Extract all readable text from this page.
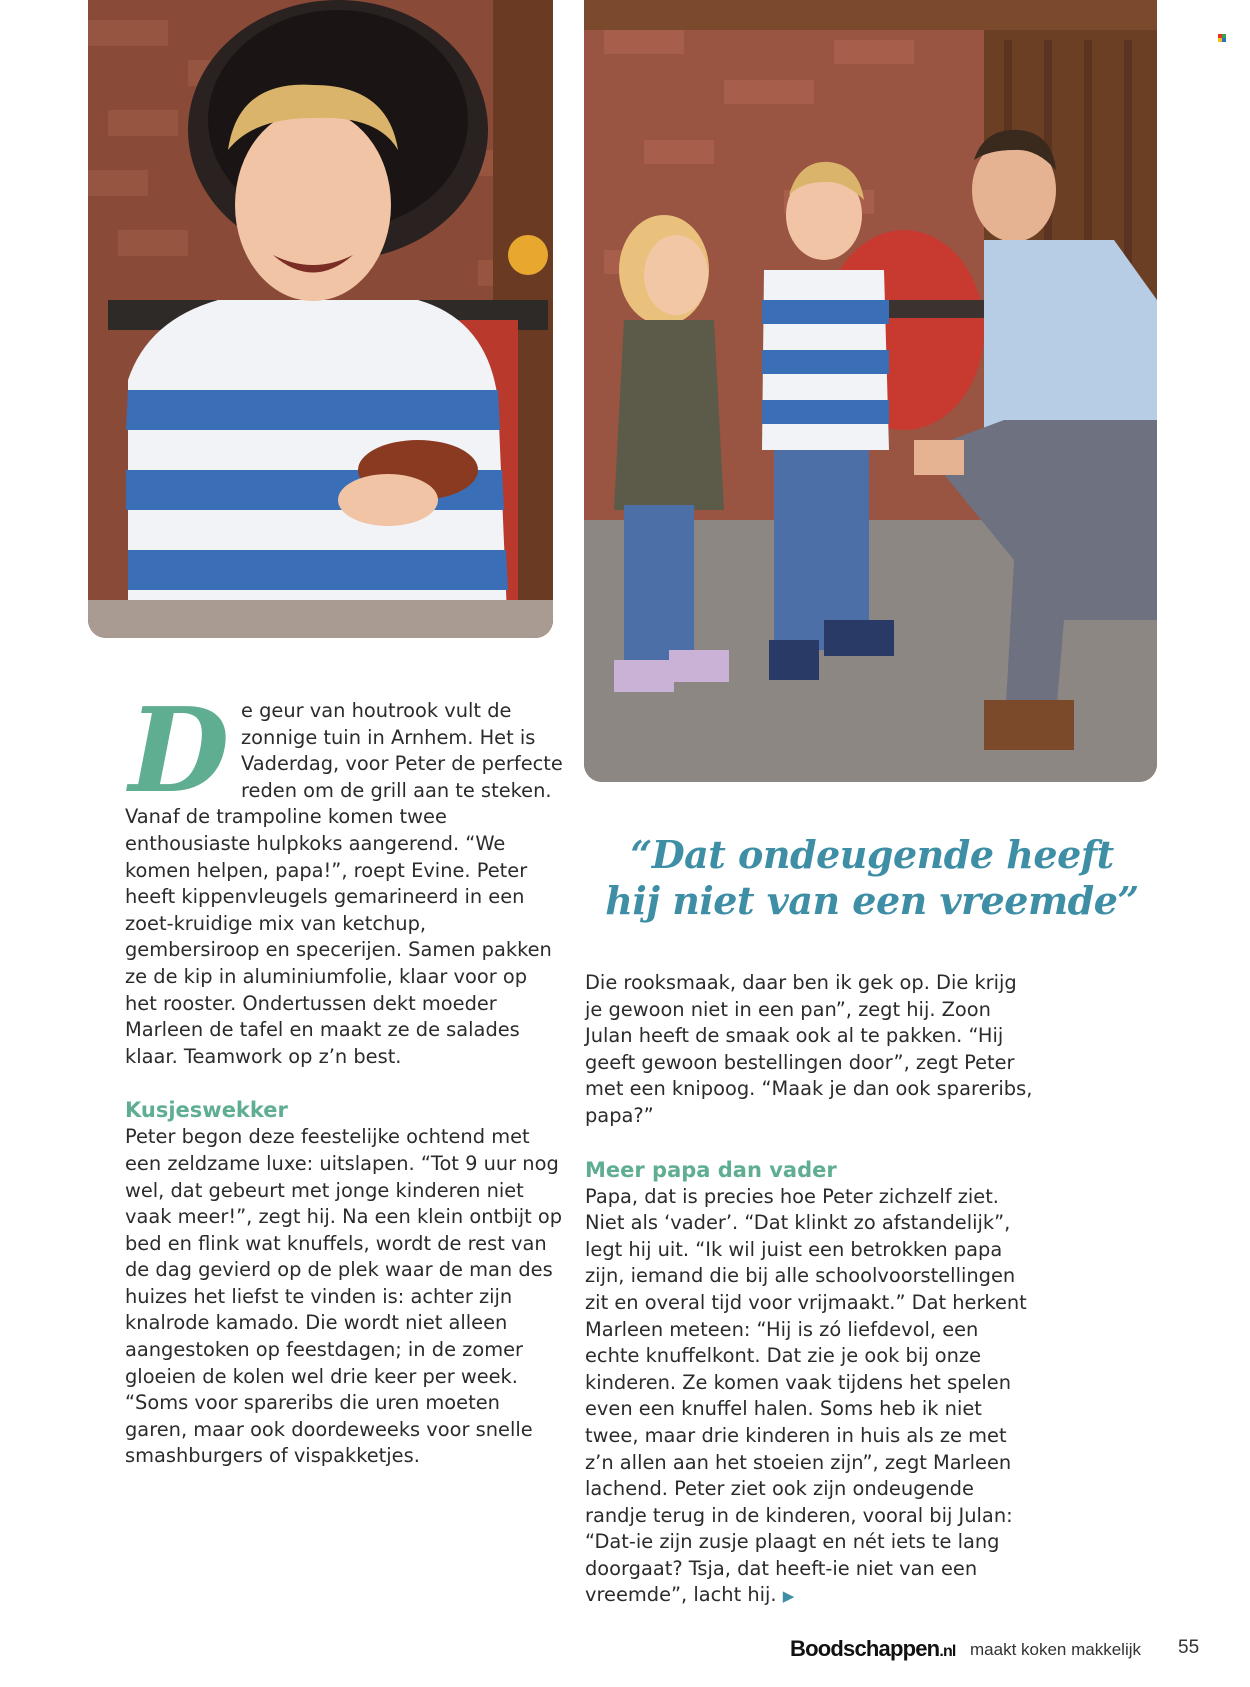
De geur van houtrook vult de zonnige tuin in Arnhem. Het is Vaderdag, voor Peter de perfecte reden om de grill aan te steken. Vanaf de trampoline komen twee enthousiaste hulpkoks aangerend. “We komen helpen, papa!”, roept Evine. Peter heeft kippenvleugels gemarineerd in een zoet-kruidige mix van ketchup, gembersiroop en specerijen. Samen pakken ze de kip in aluminiumfolie, klaar voor op het rooster. Ondertussen dekt moeder Marleen de tafel en maakt ze de salades klaar. Teamwork op z’n best.

Kusjeswekker

Peter begon deze feestelijke ochtend met een zeldzame luxe: uitslapen. “Tot 9 uur nog wel, dat gebeurt met jonge kinderen niet vaak meer!”, zegt hij. Na een klein ontbijt op bed en flink wat knuffels, wordt de rest van de dag gevierd op de plek waar de man des huizes het liefst te vinden is: achter zijn knalrode kamado. Die wordt niet alleen aangestoken op feestdagen; in de zomer gloeien de kolen wel drie keer per week. “Soms voor spareribs die uren moeten garen, maar ook doordeweeks voor snelle smashburgers of vispakketjes.

“Dat ondeugende heeft
hij niet van een vreemde”

Die rooksmaak, daar ben ik gek op. Die krijg je gewoon niet in een pan”, zegt hij. Zoon Julan heeft de smaak ook al te pakken. “Hij geeft gewoon bestellingen door”, zegt Peter met een knipoog. “Maak je dan ook spareribs, papa?”

Meer papa dan vader

Papa, dat is precies hoe Peter zichzelf ziet. Niet als ‘vader’. “Dat klinkt zo afstandelijk”, legt hij uit. “Ik wil juist een betrokken papa zijn, iemand die bij alle schoolvoorstellingen zit en overal tijd voor vrijmaakt.” Dat herkent Marleen meteen: “Hij is zó liefdevol, een echte knuffelkont. Dat zie je ook bij onze kinderen. Ze komen vaak tijdens het spelen even een knuffel halen. Soms heb ik niet twee, maar drie kinderen in huis als ze met z’n allen aan het stoeien zijn”, zegt Marleen lachend. Peter ziet ook zijn ondeugende randje terug in de kinderen, vooral bij Julan: “Dat-ie zijn zusje plaagt en nét iets te lang doorgaat? Tsja, dat heeft-ie niet van een vreemde”, lacht hij. ▶

Boodschappen.nl maakt koken makkelijk 55
